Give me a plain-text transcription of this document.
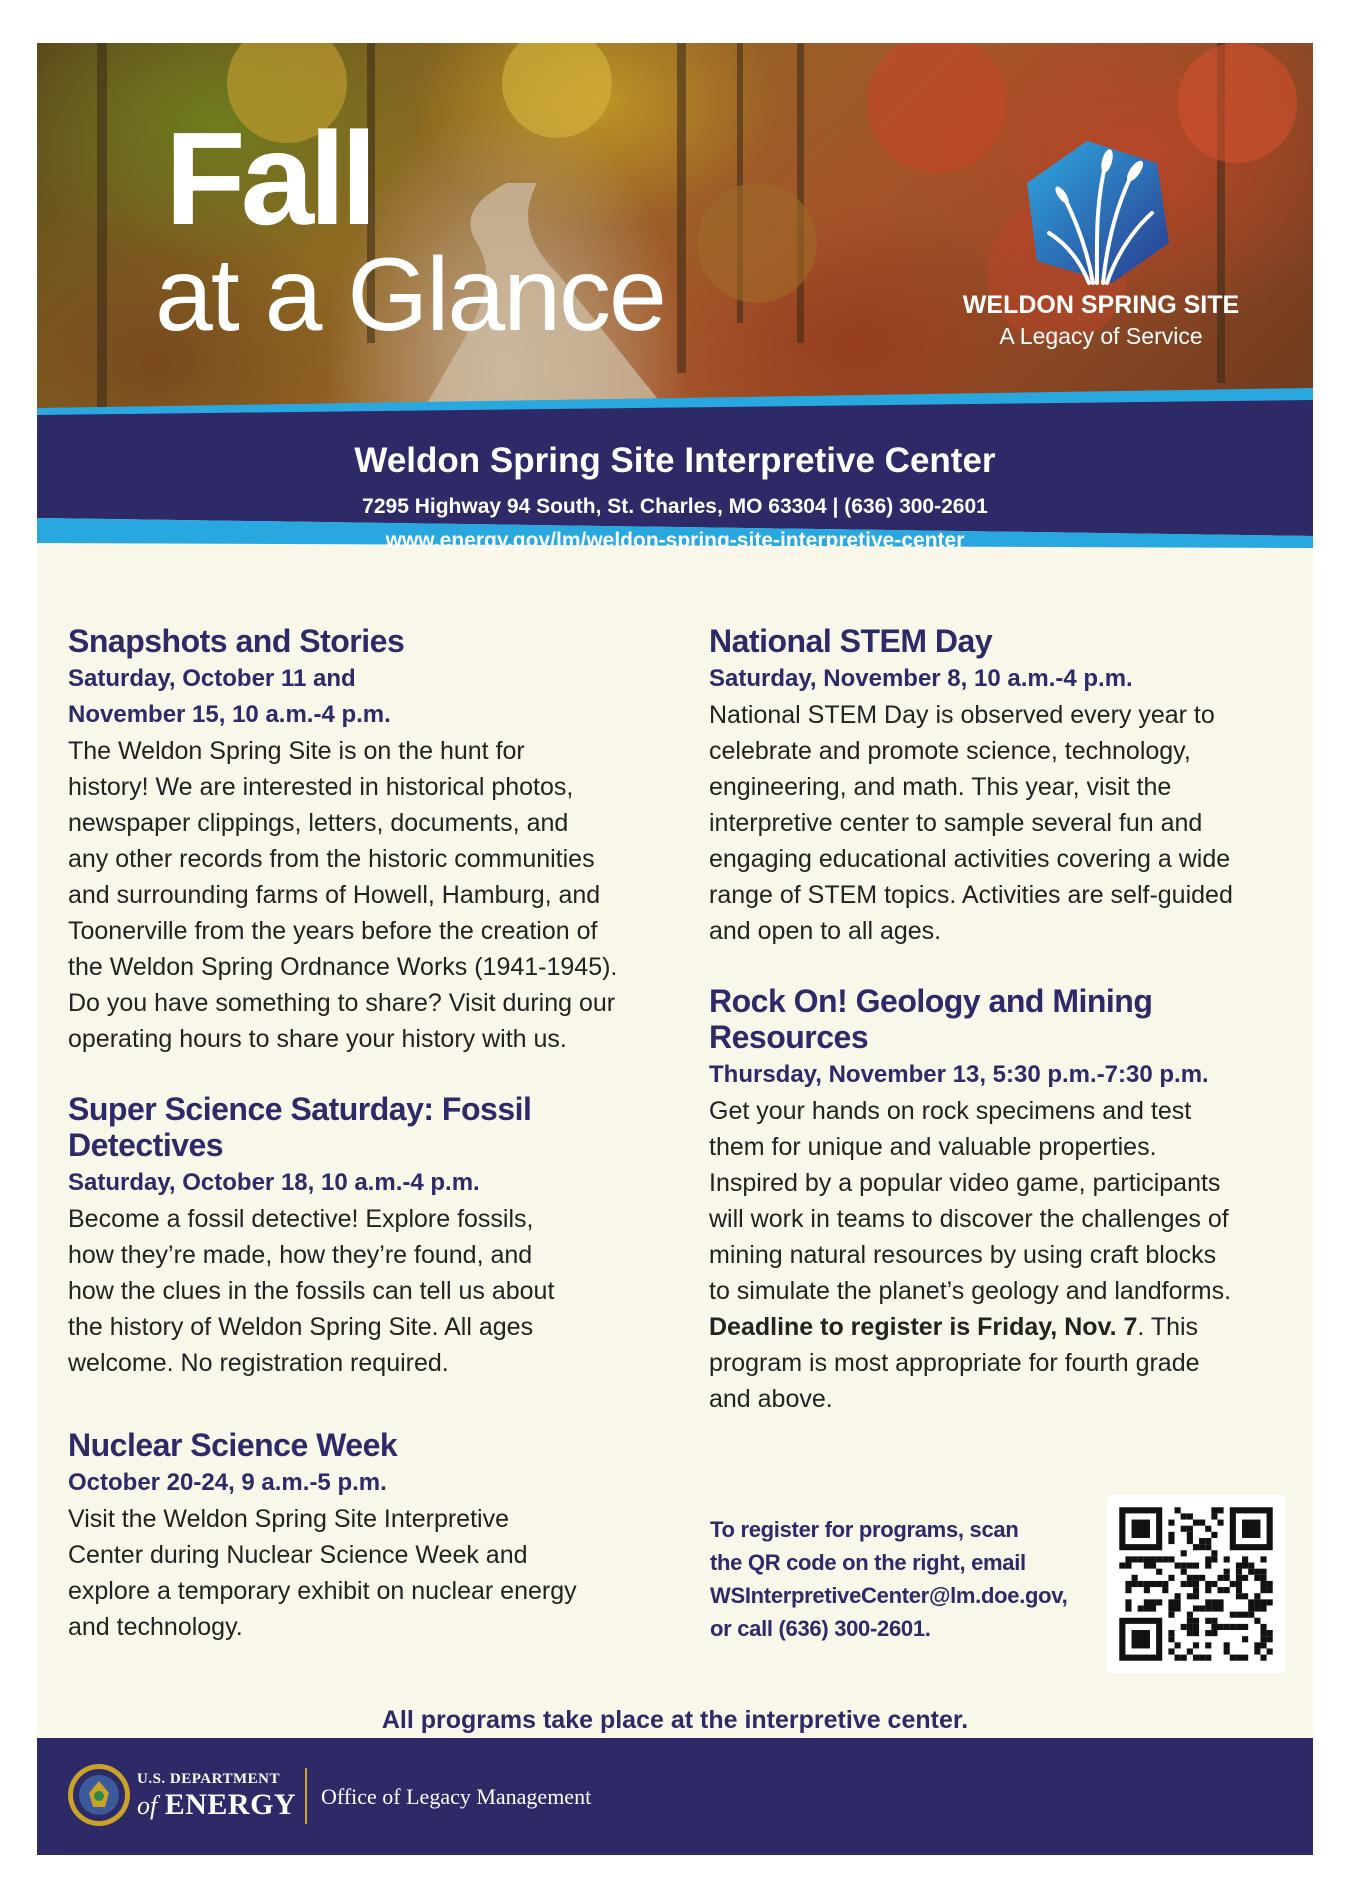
Fall
at a Glance	WELDON SPRING SITE
A Legacy of Service
Weldon Spring Site Interpretive Center
7295 Highway 94 South, St. Charles, MO 63304 | (636) 300-2601
www.energy.gov/lm/weldon-spring-site-interpretive-center
Snapshots and Stories
Saturday, October 11 and
November 15, 10 a.m.-4 p.m.
The Weldon Spring Site is on the hunt for
history! We are interested in historical photos,
newspaper clippings, letters, documents, and
any other records from the historic communities
and surrounding farms of Howell, Hamburg, and
Toonerville from the years before the creation of
the Weldon Spring Ordnance Works (1941-1945).
Do you have something to share? Visit during our
operating hours to share your history with us.
Super Science Saturday: Fossil
Detectives
Saturday, October 18, 10 a.m.-4 p.m.
Become a fossil detective! Explore fossils,
how they’re made, how they’re found, and
how the clues in the fossils can tell us about
the history of Weldon Spring Site. All ages
welcome. No registration required.
Nuclear Science Week
October 20-24, 9 a.m.-5 p.m.
Visit the Weldon Spring Site Interpretive
Center during Nuclear Science Week and
explore a temporary exhibit on nuclear energy
and technology.
National STEM Day
Saturday, November 8, 10 a.m.-4 p.m.
National STEM Day is observed every year to
celebrate and promote science, technology,
engineering, and math. This year, visit the
interpretive center to sample several fun and
engaging educational activities covering a wide
range of STEM topics. Activities are self-guided
and open to all ages.
Rock On! Geology and Mining
Resources
Thursday, November 13, 5:30 p.m.-7:30 p.m.
Get your hands on rock specimens and test
them for unique and valuable properties.
Inspired by a popular video game, participants
will work in teams to discover the challenges of
mining natural resources by using craft blocks
to simulate the planet’s geology and landforms.
Deadline to register is Friday, Nov. 7. This
program is most appropriate for fourth grade
and above.
To register for programs, scan
the QR code on the right, email
WSInterpretiveCenter@lm.doe.gov,
or call (636) 300-2601.
All programs take place at the interpretive center.
U.S. DEPARTMENT
of ENERGY Office of Legacy Management
